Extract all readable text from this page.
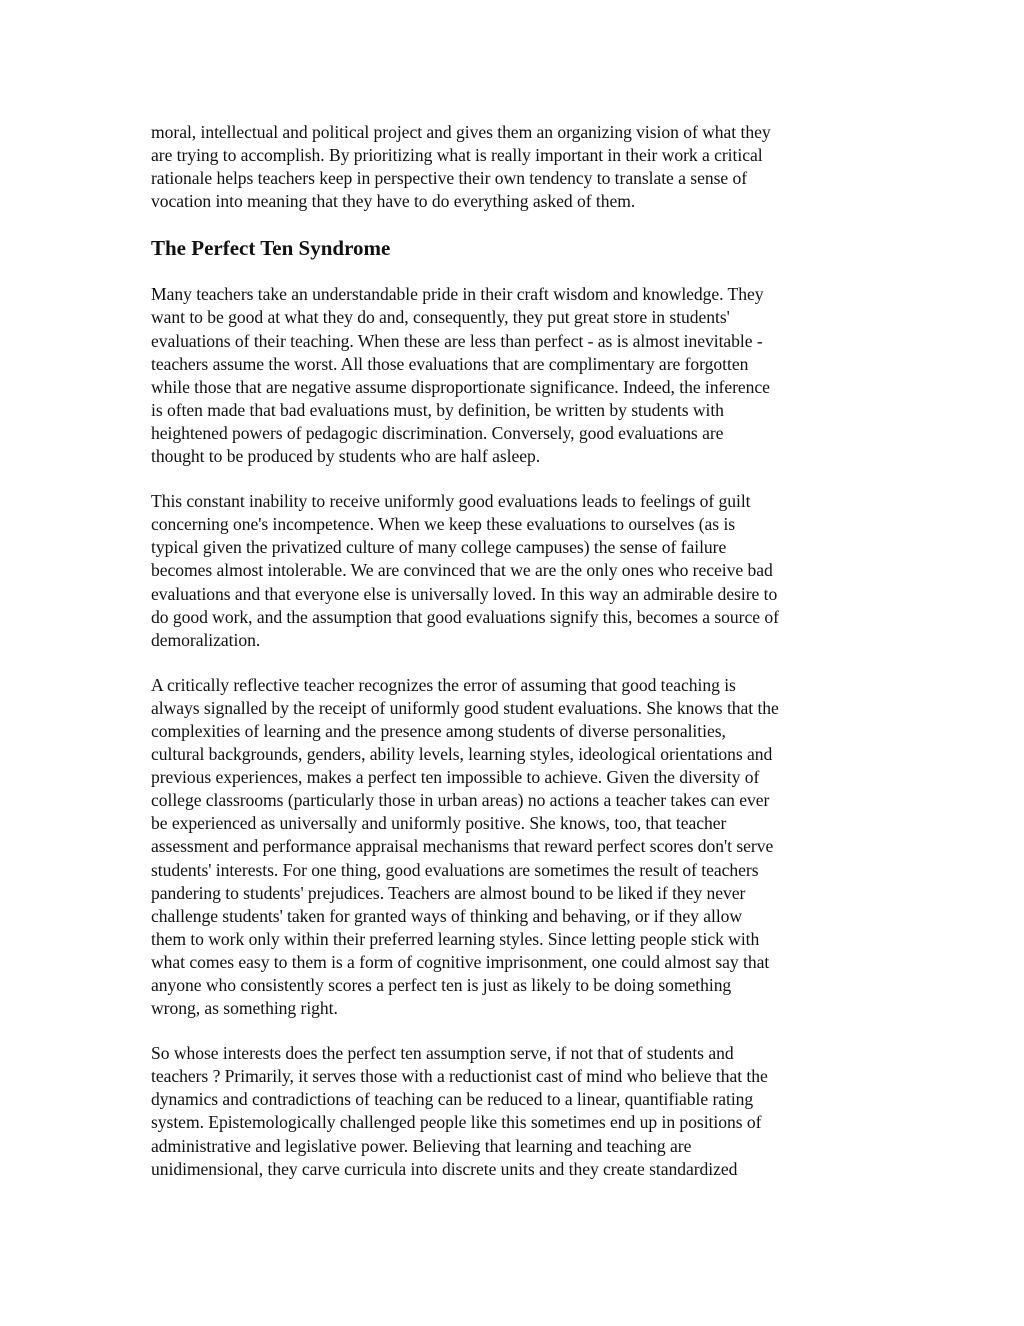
moral, intellectual and political project and gives them an organizing vision of what they
are trying to accomplish. By prioritizing what is really important in their work a critical
rationale helps teachers keep in perspective their own tendency to translate a sense of
vocation into meaning that they have to do everything asked of them.
The Perfect Ten Syndrome
Many teachers take an understandable pride in their craft wisdom and knowledge. They
want to be good at what they do and, consequently, they put great store in students'
evaluations of their teaching. When these are less than perfect - as is almost inevitable -
teachers assume the worst. All those evaluations that are complimentary are forgotten
while those that are negative assume disproportionate significance. Indeed, the inference
is often made that bad evaluations must, by definition, be written by students with
heightened powers of pedagogic discrimination. Conversely, good evaluations are
thought to be produced by students who are half asleep.
This constant inability to receive uniformly good evaluations leads to feelings of guilt
concerning one's incompetence. When we keep these evaluations to ourselves (as is
typical given the privatized culture of many college campuses) the sense of failure
becomes almost intolerable. We are convinced that we are the only ones who receive bad
evaluations and that everyone else is universally loved. In this way an admirable desire to
do good work, and the assumption that good evaluations signify this, becomes a source of
demoralization.
A critically reflective teacher recognizes the error of assuming that good teaching is
always signalled by the receipt of uniformly good student evaluations. She knows that the
complexities of learning and the presence among students of diverse personalities,
cultural backgrounds, genders, ability levels, learning styles, ideological orientations and
previous experiences, makes a perfect ten impossible to achieve. Given the diversity of
college classrooms (particularly those in urban areas) no actions a teacher takes can ever
be experienced as universally and uniformly positive. She knows, too, that teacher
assessment and performance appraisal mechanisms that reward perfect scores don't serve
students' interests. For one thing, good evaluations are sometimes the result of teachers
pandering to students' prejudices. Teachers are almost bound to be liked if they never
challenge students' taken for granted ways of thinking and behaving, or if they allow
them to work only within their preferred learning styles. Since letting people stick with
what comes easy to them is a form of cognitive imprisonment, one could almost say that
anyone who consistently scores a perfect ten is just as likely to be doing something
wrong, as something right.
So whose interests does the perfect ten assumption serve, if not that of students and
teachers ? Primarily, it serves those with a reductionist cast of mind who believe that the
dynamics and contradictions of teaching can be reduced to a linear, quantifiable rating
system. Epistemologically challenged people like this sometimes end up in positions of
administrative and legislative power. Believing that learning and teaching are
unidimensional, they carve curricula into discrete units and they create standardized
